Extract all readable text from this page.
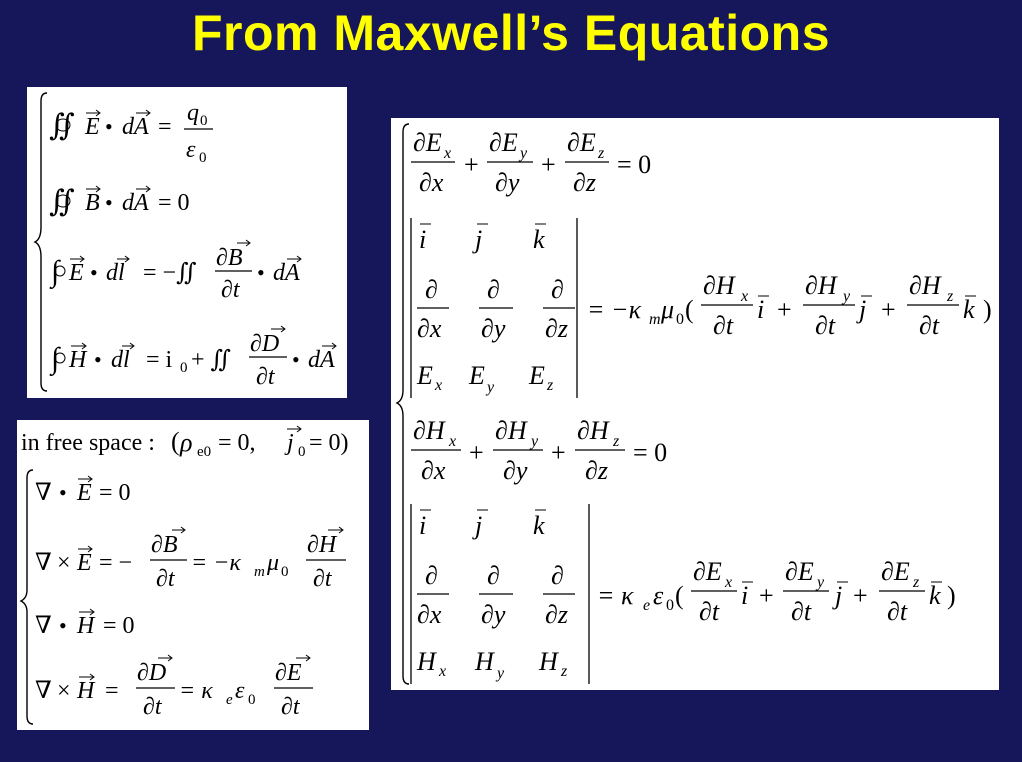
From Maxwell’s Equations
∬ E • dA =
q 0
ε 0
∬ B • dA = 0
∫ E • dl = −∬
∂B
∂t
• dA
∫ H • dl = i 0 + ∬
∂D
∂t
• dA
in free space : ( ρ e0 = 0, j 0 = 0)
∇ • E = 0
∇ × E = −
∂B
∂t
= −κ m μ 0
∂H
∂t
∇ • H = 0
∇ × H =
∂D
∂t
= κ e ε 0
∂E
∂t
∂E x
∂x
+
∂E y
∂y
+
∂E z
∂z
= 0
i j k
∂
∂x
∂
∂y
∂
∂z
E x E y E z
= −κ m μ 0 (
∂H x
∂t
i +
∂H y
∂t
j +
∂H z
∂t
k )
∂H x
∂x
+
∂H y
∂y
+
∂H z
∂z
= 0
i j k
∂
∂x
∂
∂y
∂
∂z
H x H y H z
= κ e ε 0 (
∂E x
∂t
i +
∂E y
∂t
j +
∂E z
∂t
k )
